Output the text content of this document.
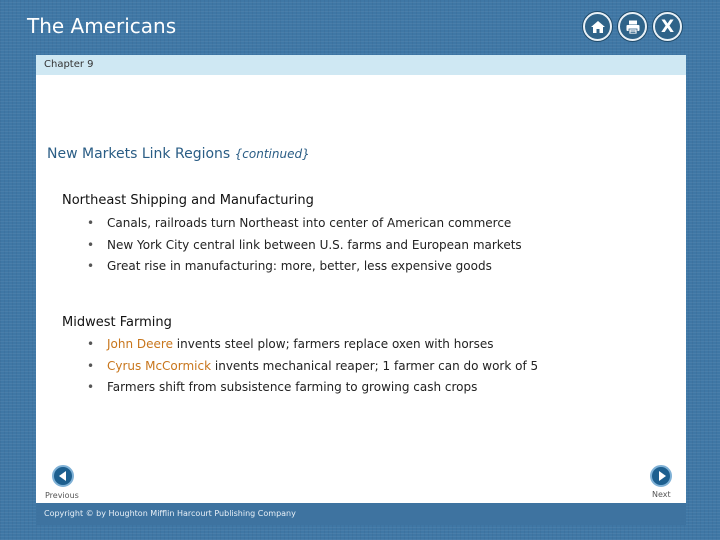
The Americans	X
Chapter 9
New Markets Link Regions {continued}
Northeast Shipping and Manufacturing
• Canals, railroads turn Northeast into center of American commerce
• New York City central link between U.S. farms and European markets
• Great rise in manufacturing: more, better, less expensive goods
Midwest Farming
• John Deere invents steel plow; farmers replace oxen with horses
• Cyrus McCormick invents mechanical reaper; 1 farmer can do work of 5
• Farmers shift from subsistence farming to growing cash crops
Previous	Next
Copyright © by Houghton Mifflin Harcourt Publishing Company
